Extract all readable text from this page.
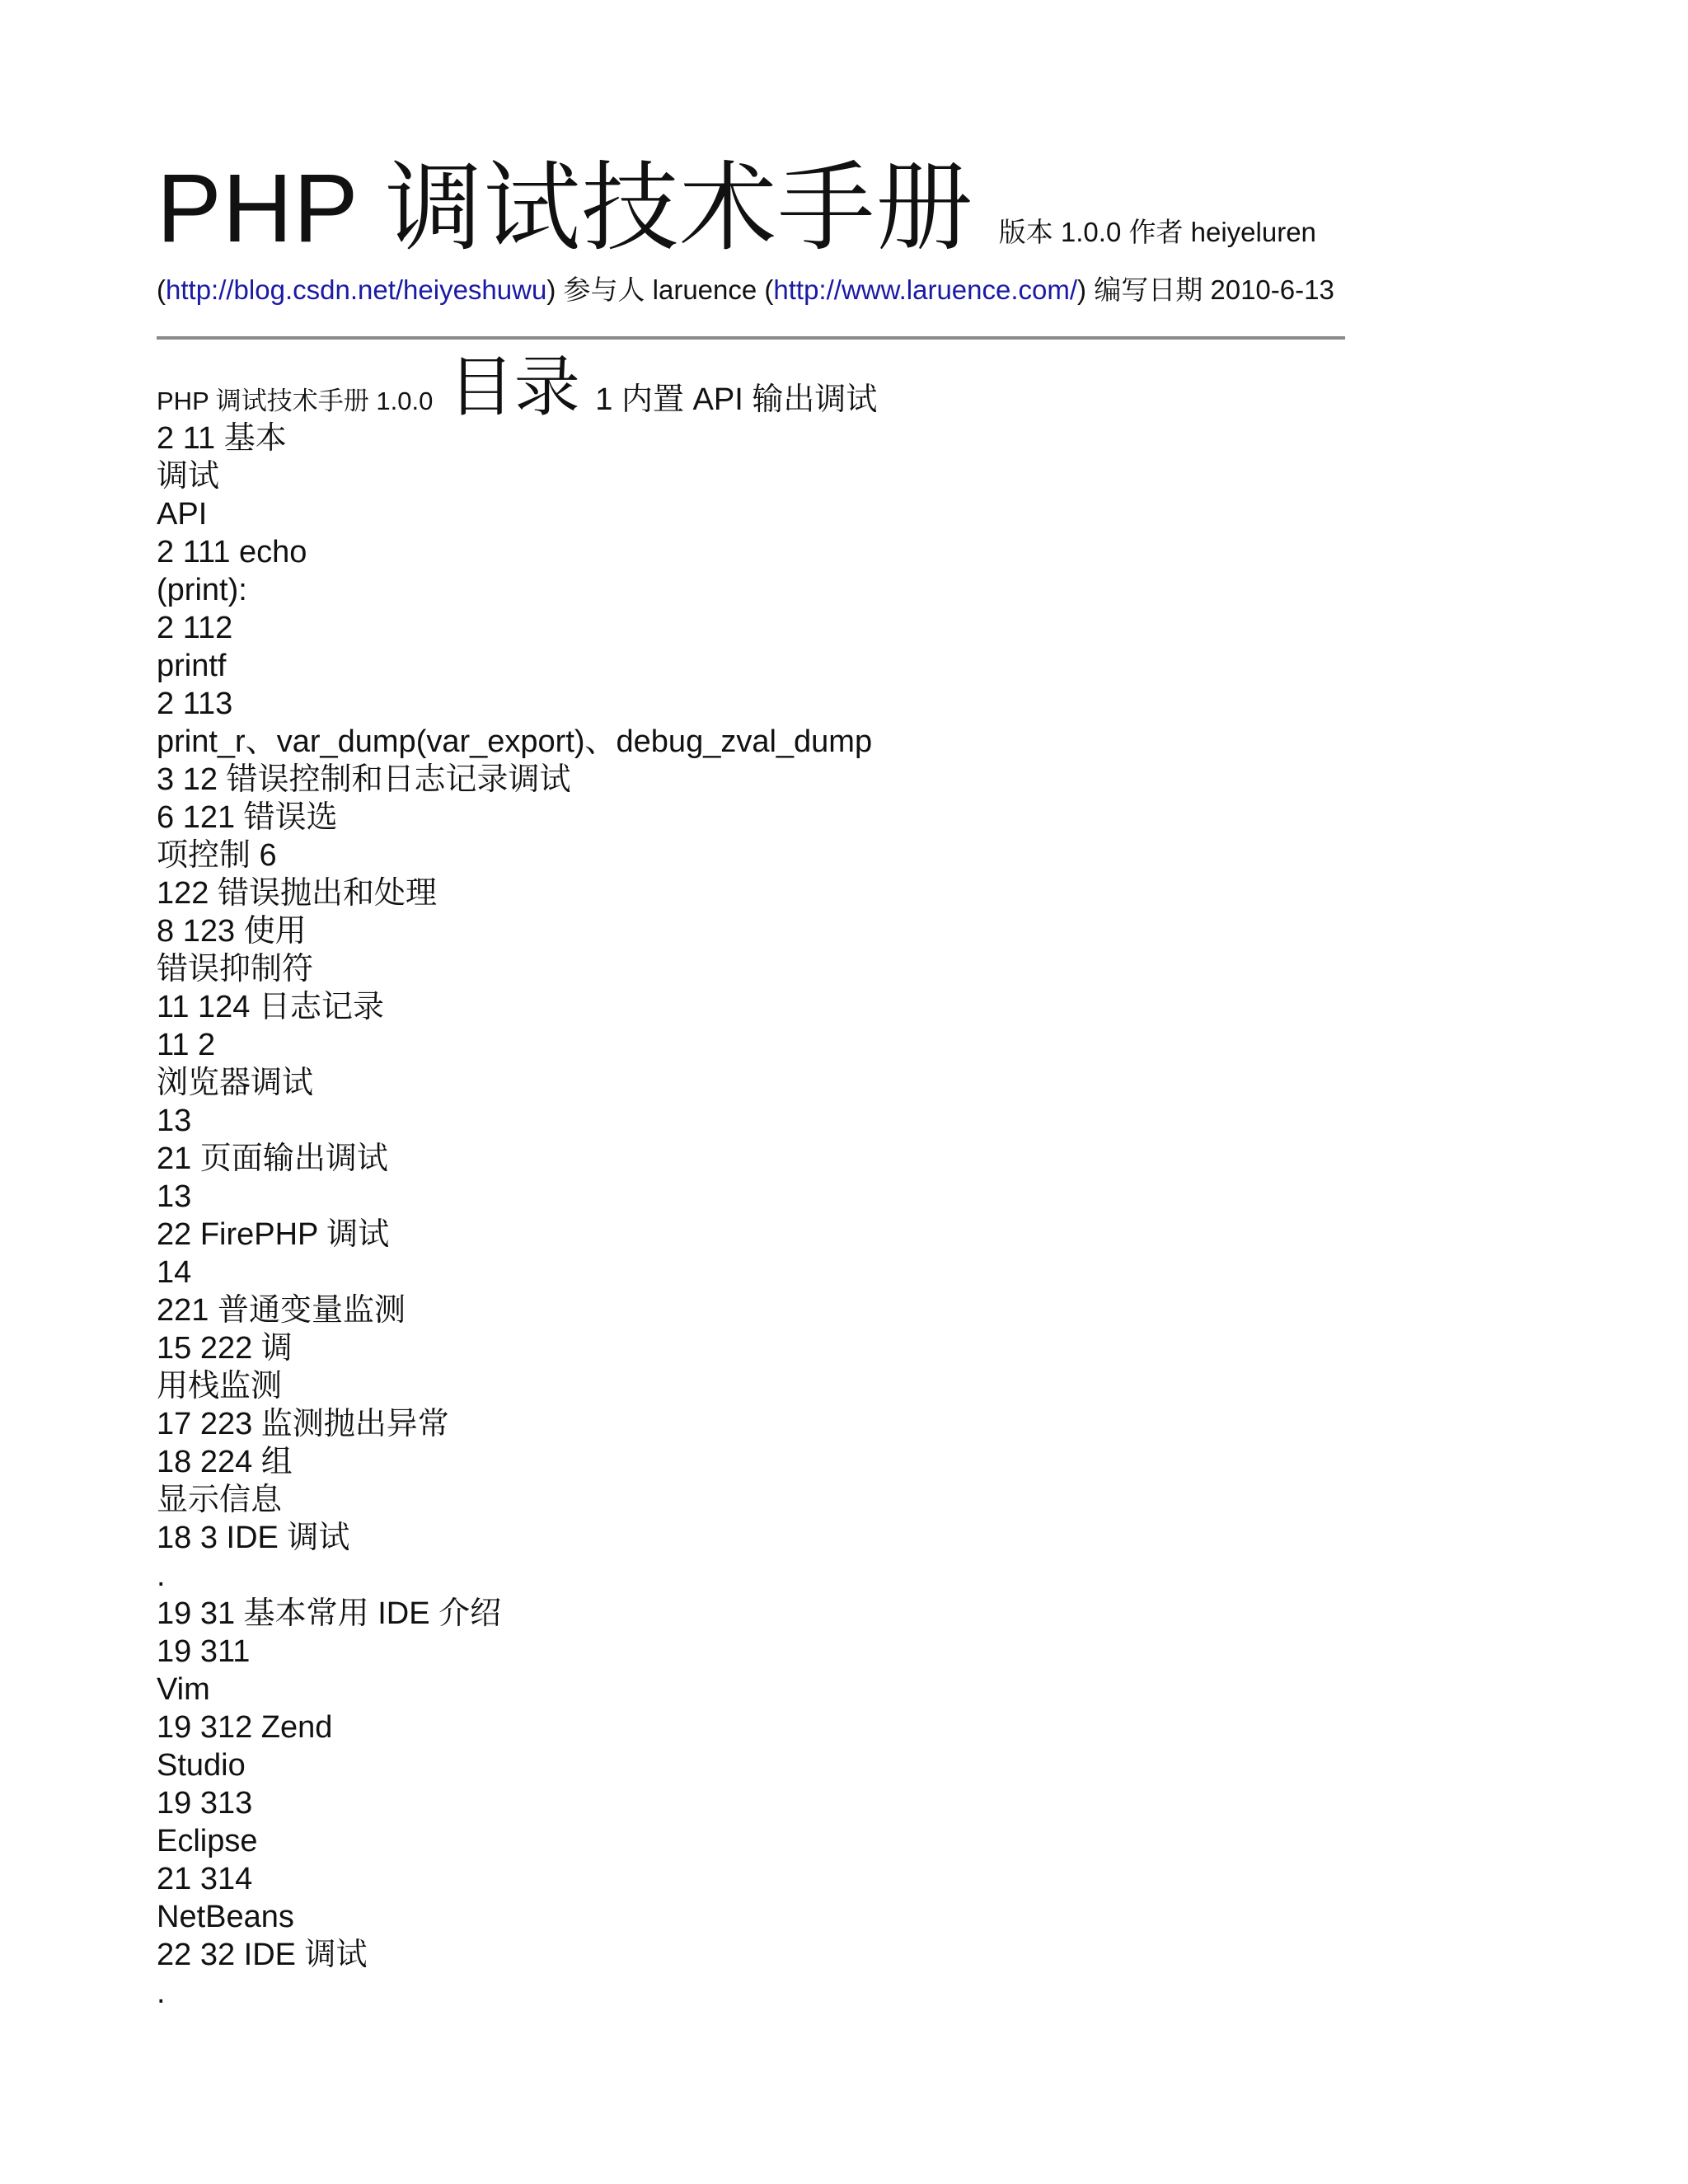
PHP 调试技术手册 版本 1.0.0 作者 heiyeluren
(http://blog.csdn.net/heiyeshuwu) 参与人 laruence (http://www.laruence.com/) 编写日期 2010-6-13
PHP 调试技术手册 1.0.0 目录 1 内置 API 输出调试
2 11 基本
调试
API
2 111 echo
(print):
2 112
printf
2 113
print_r、var_dump(var_export)、debug_zval_dump
3 12 错误控制和日志记录调试
6 121 错误选
项控制 6
122 错误抛出和处理
8 123 使用
错误抑制符
11 124 日志记录
11 2
浏览器调试
13
21 页面输出调试
13
22 FirePHP 调试
14
221 普通变量监测
15 222 调
用栈监测
17 223 监测抛出异常
18 224 组
显示信息
18 3 IDE 调试
.
19 31 基本常用 IDE 介绍
19 311
Vim
19 312 Zend
Studio
19 313
Eclipse
21 314
NetBeans
22 32 IDE 调试
.
